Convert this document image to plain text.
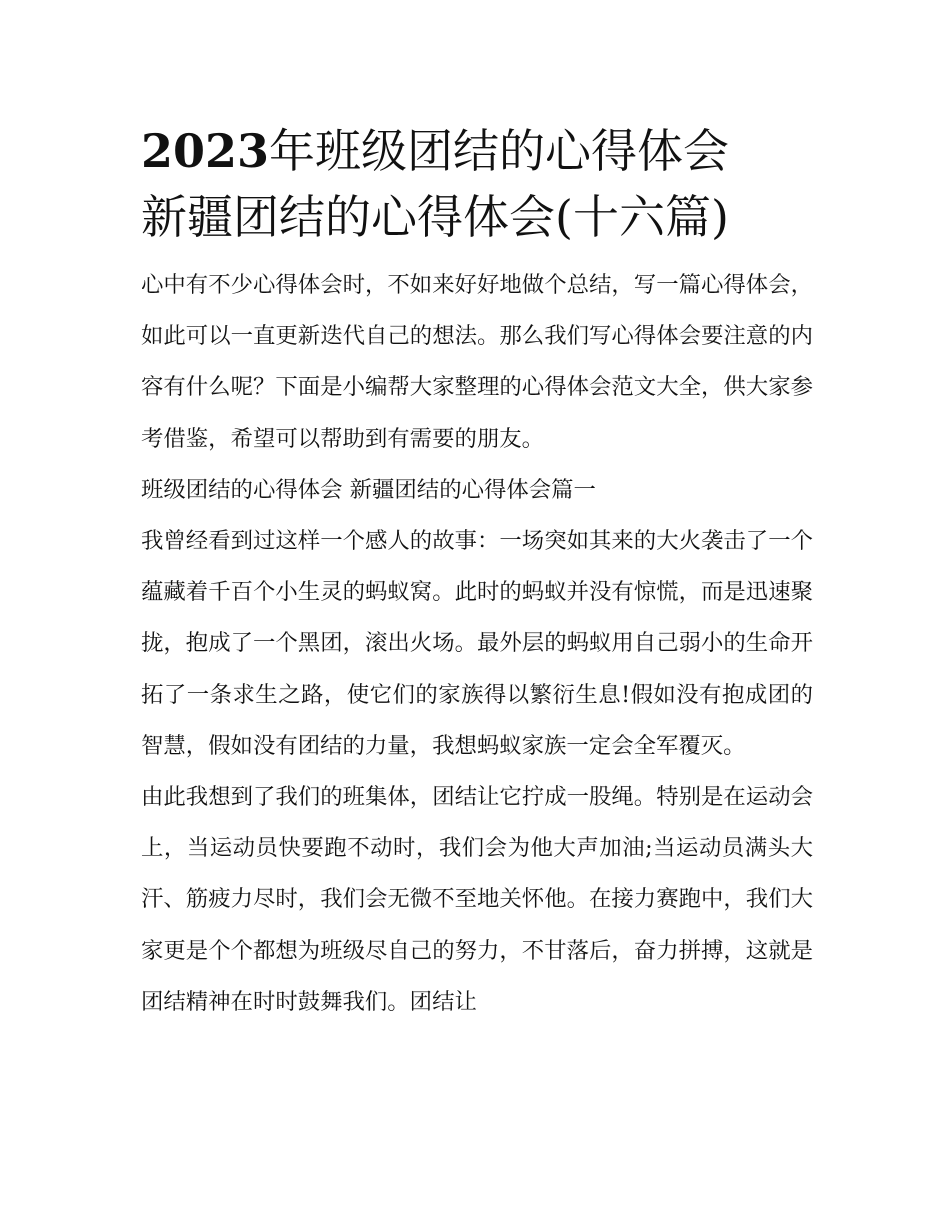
2023年班级团结的心得体会
新疆团结的心得体会(十六篇)

心中有不少心得体会时，不如来好好地做个总结，写一篇心得体会，如此可以一直更新迭代自己的想法。那么我们写心得体会要注意的内容有什么呢？下面是小编帮大家整理的心得体会范文大全，供大家参考借鉴，希望可以帮助到有需要的朋友。

班级团结的心得体会 新疆团结的心得体会篇一

我曾经看到过这样一个感人的故事：一场突如其来的大火袭击了一个蕴藏着千百个小生灵的蚂蚁窝。此时的蚂蚁并没有惊慌，而是迅速聚拢，抱成了一个黑团，滚出火场。最外层的蚂蚁用自己弱小的生命开拓了一条求生之路，使它们的家族得以繁衍生息!假如没有抱成团的智慧，假如没有团结的力量，我想蚂蚁家族一定会全军覆灭。

由此我想到了我们的班集体，团结让它拧成一股绳。特别是在运动会上，当运动员快要跑不动时，我们会为他大声加油;当运动员满头大汗、筋疲力尽时，我们会无微不至地关怀他。在接力赛跑中，我们大家更是个个都想为班级尽自己的努力，不甘落后，奋力拼搏，这就是团结精神在时时鼓舞我们。团结让
